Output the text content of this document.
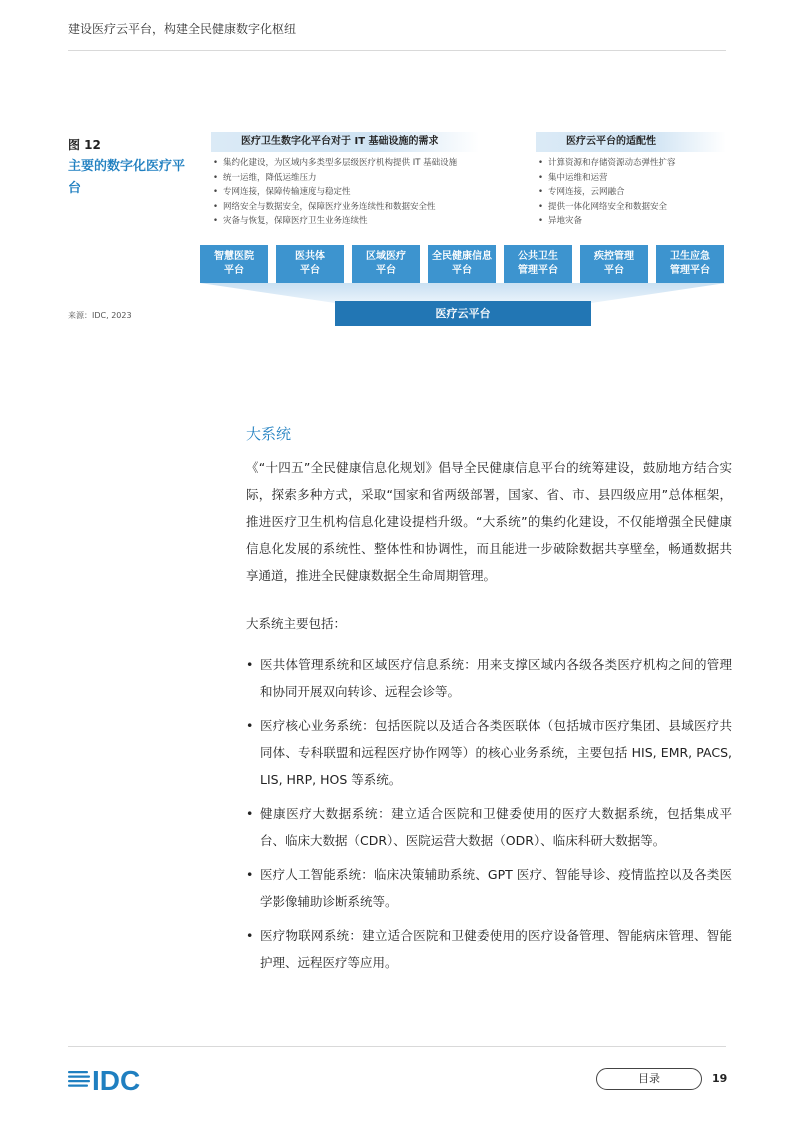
建设医疗云平台，构建全民健康数字化枢纽
图 12
主要的数字化医疗平台
来源：IDC, 2023
医疗卫生数字化平台对于 IT 基础设施的需求
• 集约化建设，为区域内多类型多层级医疗机构提供 IT 基础设施
• 统一运维，降低运维压力
• 专网连接，保障传输速度与稳定性
• 网络安全与数据安全，保障医疗业务连续性和数据安全性
• 灾备与恢复，保障医疗卫生业务连续性
医疗云平台的适配性
• 计算资源和存储资源动态弹性扩容
• 集中运维和运营
• 专网连接，云网融合
• 提供一体化网络安全和数据安全
• 异地灾备
智慧医院
平台
医共体
平台
区域医疗
平台
全民健康信息
平台
公共卫生
管理平台
疾控管理
平台
卫生应急
管理平台
医疗云平台
大系统
《“十四五”全民健康信息化规划》倡导全民健康信息平台的统筹建设，鼓励地方结合实际，探索多种方式，采取“国家和省两级部署，国家、省、市、县四级应用”总体框架，推进医疗卫生机构信息化建设提档升级。“大系统”的集约化建设，不仅能增强全民健康信息化发展的系统性、整体性和协调性，而且能进一步破除数据共享壁垒，畅通数据共享通道，推进全民健康数据全生命周期管理。
大系统主要包括：
• 医共体管理系统和区域医疗信息系统：用来支撑区域内各级各类医疗机构之间的管理和协同开展双向转诊、远程会诊等。
• 医疗核心业务系统：包括医院以及适合各类医联体（包括城市医疗集团、县域医疗共同体、专科联盟和远程医疗协作网等）的核心业务系统，主要包括 HIS, EMR, PACS, LIS, HRP, HOS 等系统。
• 健康医疗大数据系统：建立适合医院和卫健委使用的医疗大数据系统，包括集成平台、临床大数据（CDR）、医院运营大数据（ODR）、临床科研大数据等。
• 医疗人工智能系统：临床决策辅助系统、GPT 医疗、智能导诊、疫情监控以及各类医学影像辅助诊断系统等。
• 医疗物联网系统：建立适合医院和卫健委使用的医疗设备管理、智能病床管理、智能护理、远程医疗等应用。
IDC	目录	19
